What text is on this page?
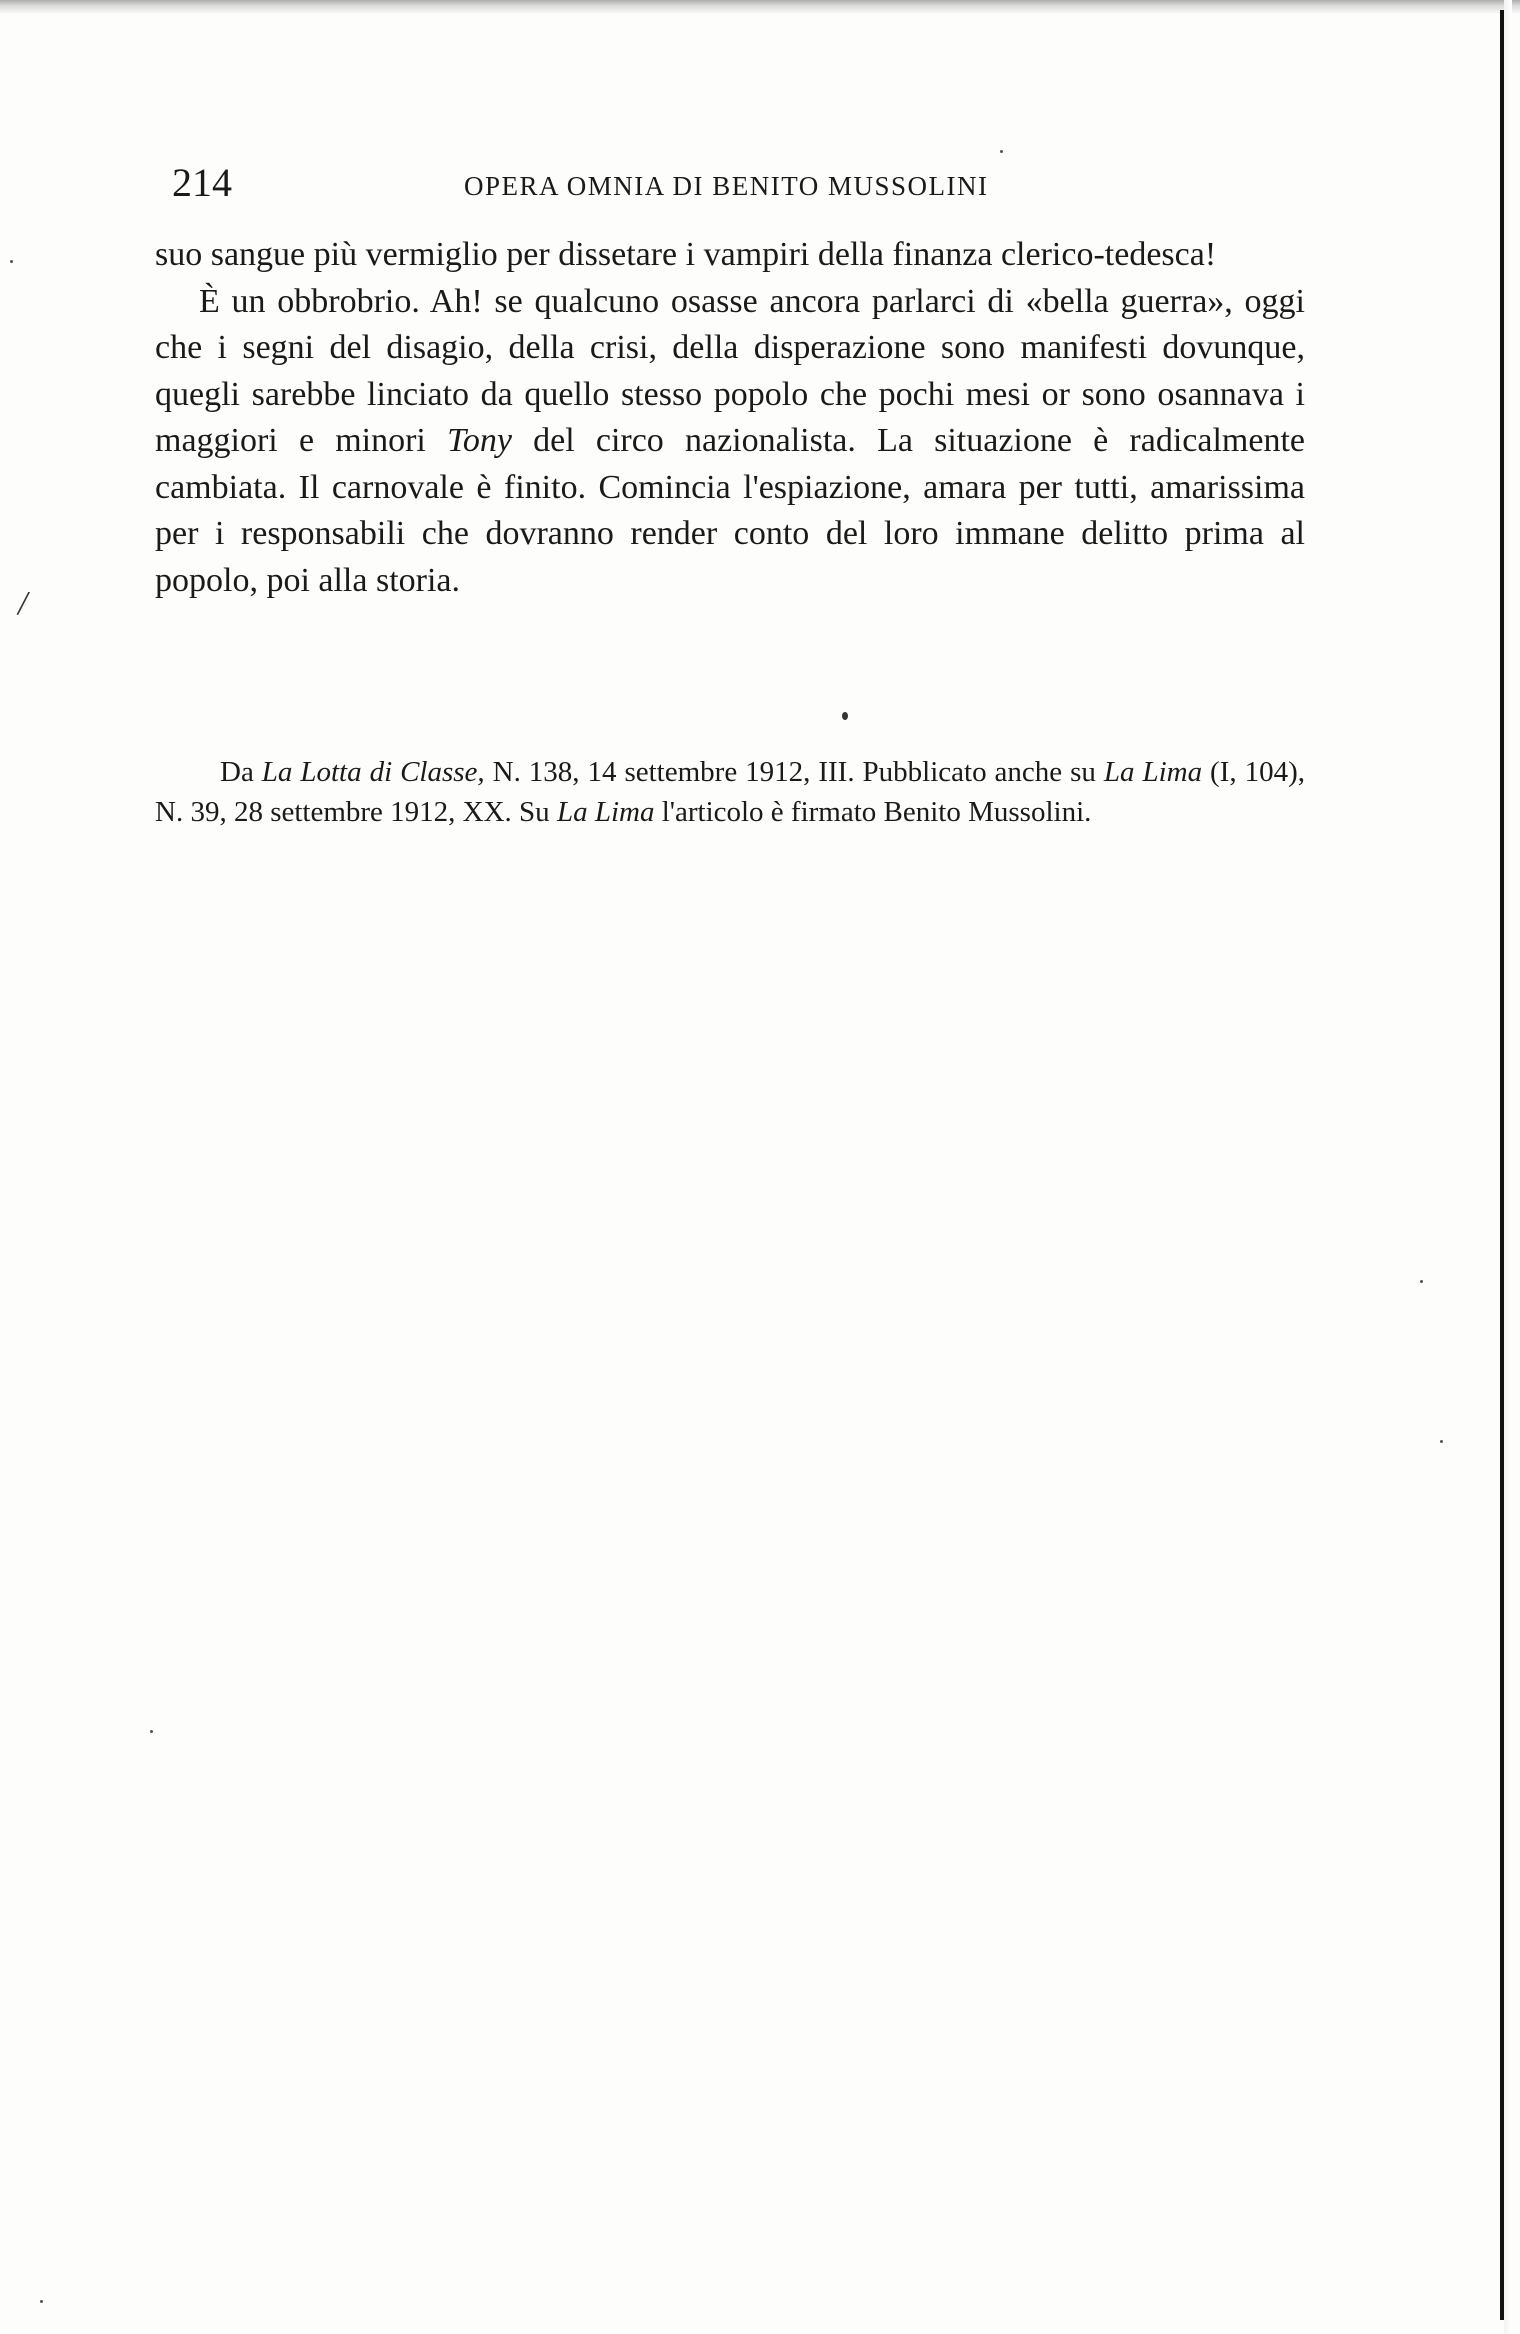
/
214	OPERA OMNIA DI BENITO MUSSOLINI

suo sangue più vermiglio per dissetare i vampiri della finanza clerico-tedesca!

È un obbrobrio. Ah! se qualcuno osasse ancora parlarci di «bella guerra», oggi che i segni del disagio, della crisi, della disperazione sono manifesti dovunque, quegli sarebbe linciato da quello stesso popolo che pochi mesi or sono osannava i maggiori e minori Tony del circo nazionalista. La situazione è radicalmente cambiata. Il carnovale è finito. Comincia l'espiazione, amara per tutti, amarissima per i responsabili che dovranno render conto del loro immane delitto prima al popolo, poi alla storia.

Da La Lotta di Classe, N. 138, 14 settembre 1912, III. Pubblicato anche su La Lima (I, 104), N. 39, 28 settembre 1912, XX. Su La Lima l'articolo è firmato Benito Mussolini.
